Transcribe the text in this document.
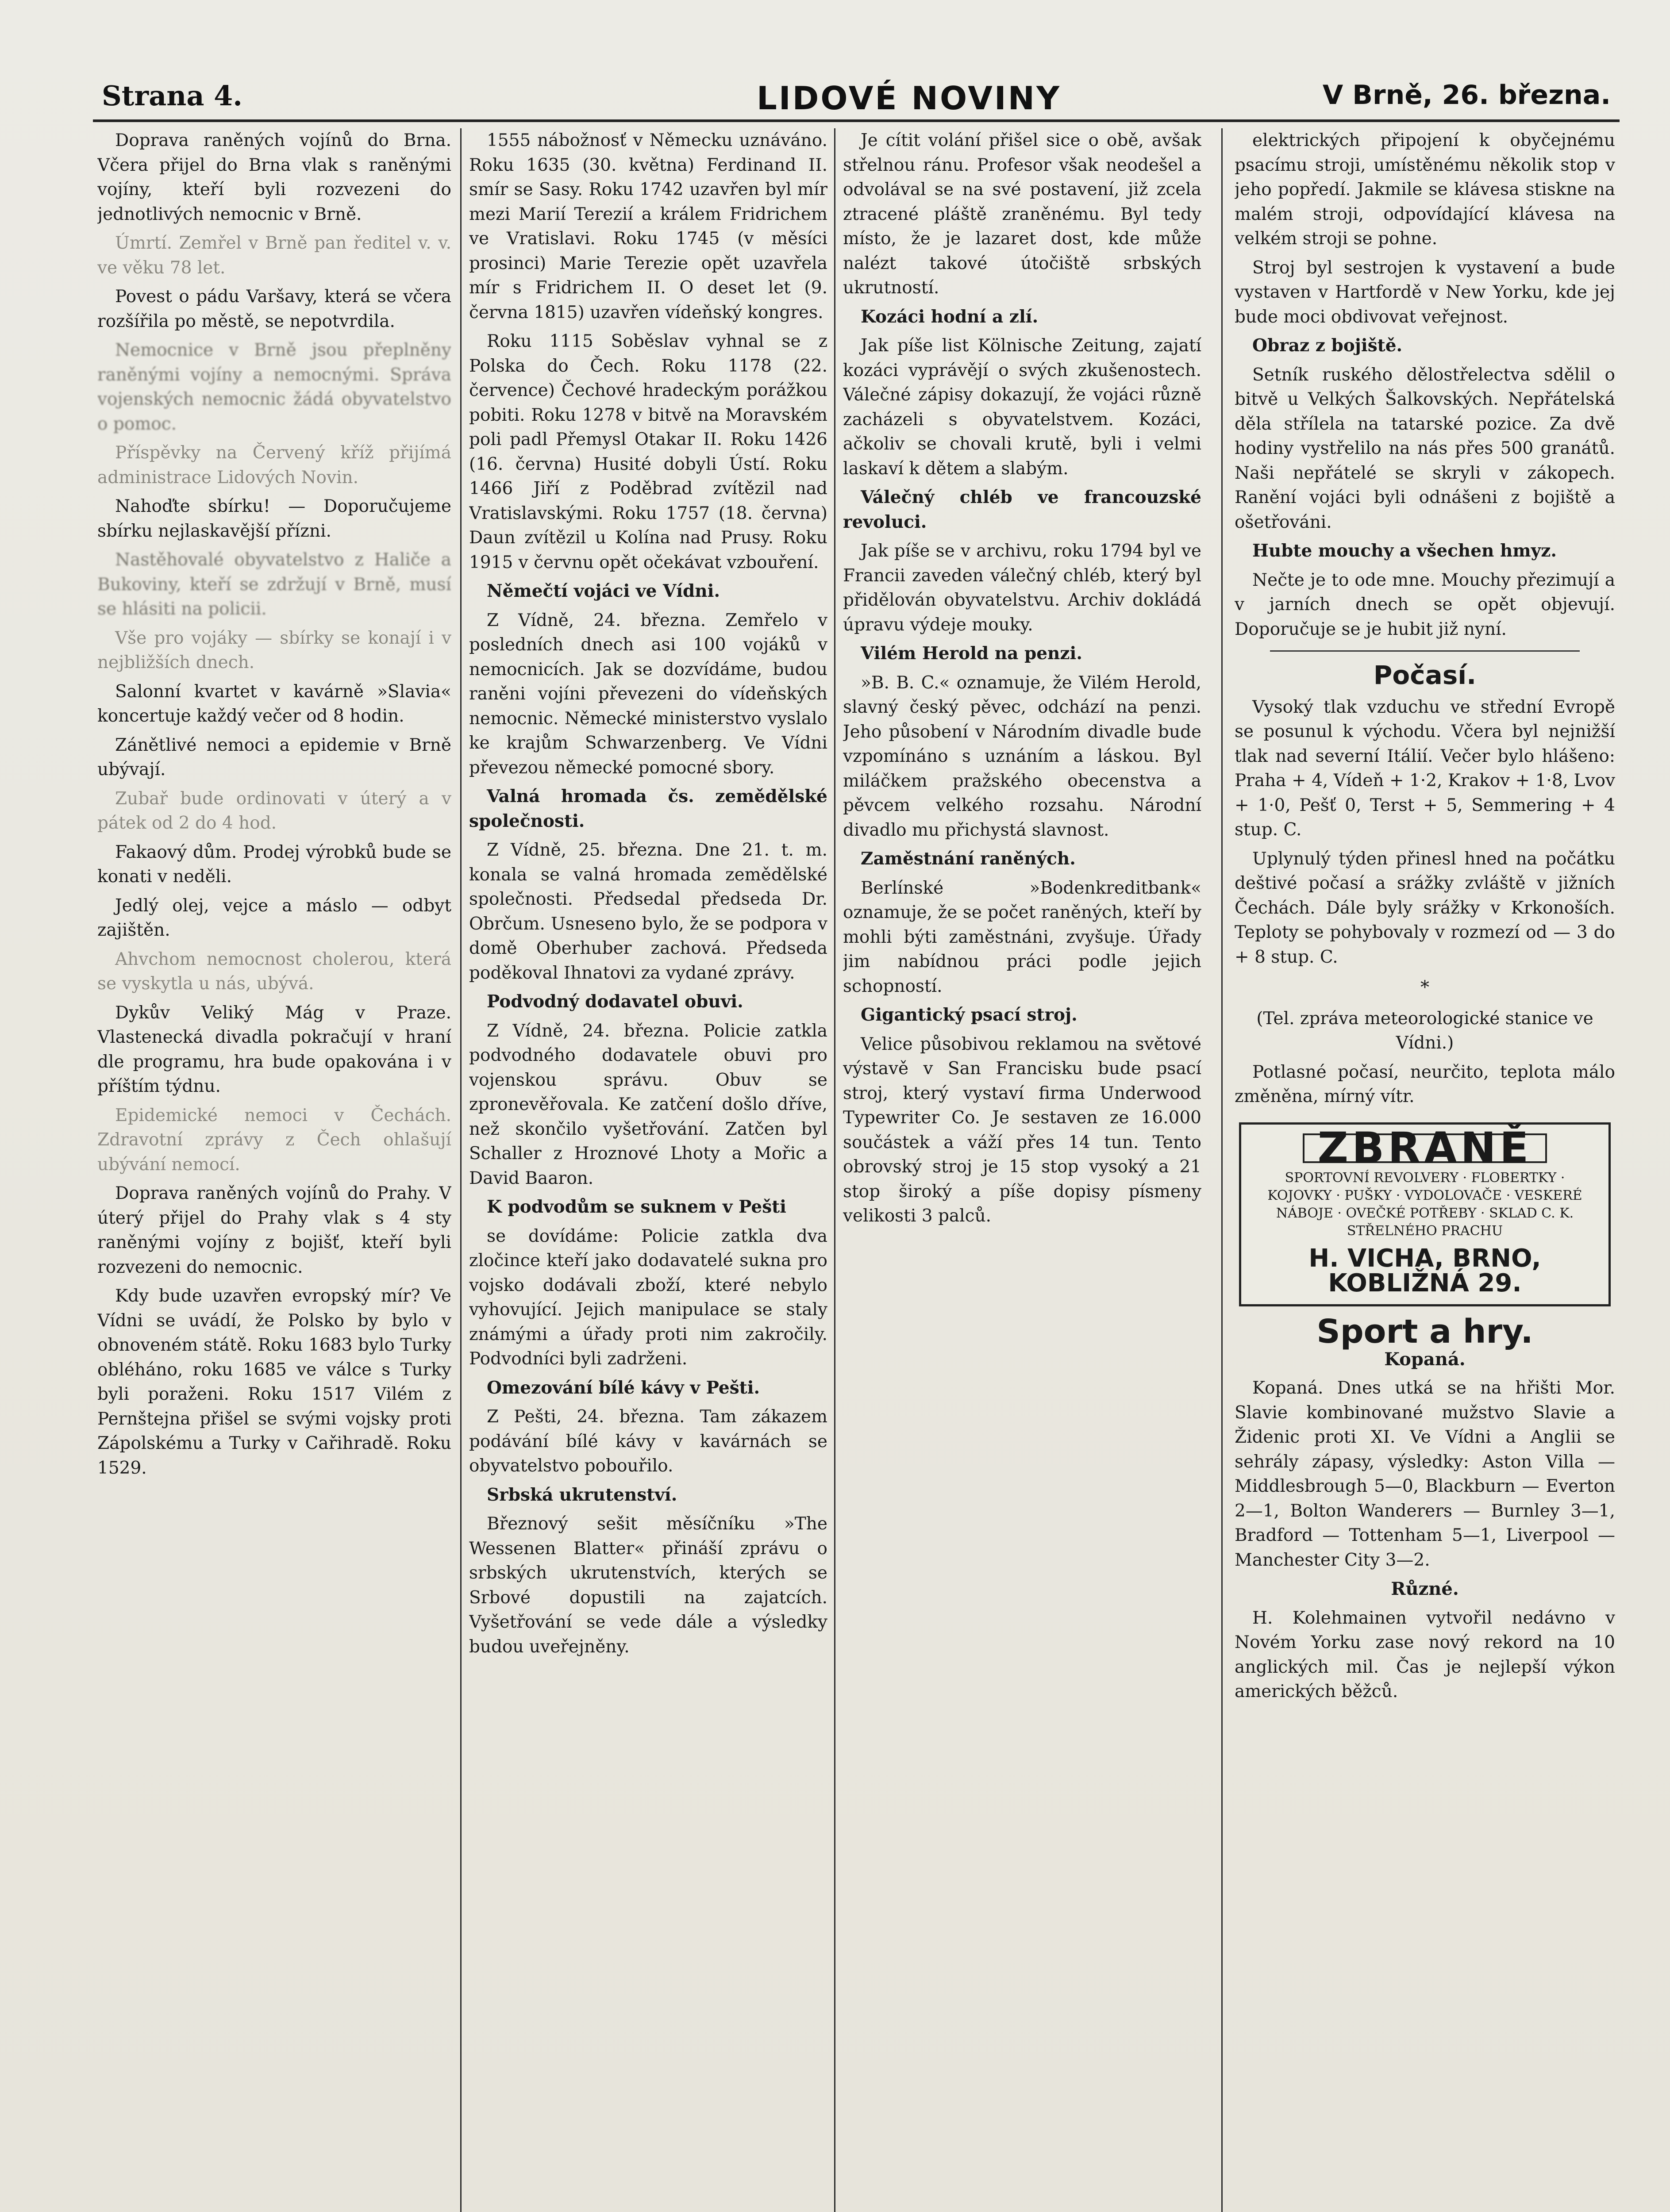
Strana 4.	LIDOVÉ NOVINY	V Brně, 26. března.

Doprava raněných vojínů do Brna. Včera přijel do Brna vlak s raněnými vojíny, kteří byli rozvezeni do jednotlivých nemocnic v Brně.

Úmrtí. Zemřel v Brně pan ředitel v. v. ve věku 78 let.

Povest o pádu Varšavy, která se včera rozšířila po městě, se nepotvrdila.

Nemocnice v Brně jsou přeplněny raněnými vojíny a nemocnými. Správa vojenských nemocnic žádá obyvatelstvo o pomoc.

Příspěvky na Červený kříž přijímá administrace Lidových Novin.

Nahoďte sbírku! — Doporučujeme sbírku nejlaskavější přízni.

Nastěhovalé obyvatelstvo z Haliče a Bukoviny, kteří se zdržují v Brně, musí se hlásiti na policii.

Vše pro vojáky — sbírky se konají i v nejbližších dnech.

Salonní kvartet v kavárně »Slavia« koncertuje každý večer od 8 hodin.

Zánětlivé nemoci a epidemie v Brně ubývají.

Zubař bude ordinovati v úterý a v pátek od 2 do 4 hod.

Fakaový dům. Prodej výrobků bude se konati v neděli.

Jedlý olej, vejce a máslo — odbyt zajištěn.

Ahvchom nemocnost cholerou, která se vyskytla u nás, ubývá.

Dykův Veliký Mág v Praze. Vlastenecká divadla pokračují v hraní dle programu, hra bude opakována i v příštím týdnu.

Epidemické nemoci v Čechách. Zdravotní zprávy z Čech ohlašují ubývání nemocí.

Doprava raněných vojínů do Prahy. V úterý přijel do Prahy vlak s 4 sty raněnými vojíny z bojišť, kteří byli rozvezeni do nemocnic.

Kdy bude uzavřen evropský mír? Ve Vídni se uvádí, že Polsko by bylo v obnoveném státě. Roku 1683 bylo Turky obléháno, roku 1685 ve válce s Turky byli poraženi. Roku 1517 Vilém z Pernštejna přišel se svými vojsky proti Zápolskému a Turky v Cařihradě. Roku 1529.

1555 nábožnosť v Německu uznáváno. Roku 1635 (30. května) Ferdinand II. smír se Sasy. Roku 1742 uzavřen byl mír mezi Marií Terezií a králem Fridrichem ve Vratislavi. Roku 1745 (v měsíci prosinci) Marie Terezie opět uzavřela mír s Fridrichem II. O deset let (9. června 1815) uzavřen vídeňský kongres.

Roku 1115 Soběslav vyhnal se z Polska do Čech. Roku 1178 (22. července) Čechové hradeckým porážkou pobiti. Roku 1278 v bitvě na Moravském poli padl Přemysl Otakar II. Roku 1426 (16. června) Husité dobyli Ústí. Roku 1466 Jiří z Poděbrad zvítězil nad Vratislavskými. Roku 1757 (18. června) Daun zvítězil u Kolína nad Prusy. Roku 1915 v červnu opět očekávat vzbouření.

Němečtí vojáci ve Vídni.

Z Vídně, 24. března. Zemřelo v posledních dnech asi 100 vojáků v nemocnicích. Jak se dozvídáme, budou raněni vojíni převezeni do vídeňských nemocnic. Německé ministerstvo vyslalo ke krajům Schwarzenberg. Ve Vídni převezou německé pomocné sbory.

Valná hromada čs. zemědělské společnosti.

Z Vídně, 25. března. Dne 21. t. m. konala se valná hromada zemědělské společnosti. Předsedal předseda Dr. Obrčum. Usneseno bylo, že se podpora v domě Oberhuber zachová. Předseda poděkoval Ihnatovi za vydané zprávy.

Podvodný dodavatel obuvi.

Z Vídně, 24. března. Policie zatkla podvodného dodavatele obuvi pro vojenskou správu. Obuv se zpronevěřovala. Ke zatčení došlo dříve, než skončilo vyšetřování. Zatčen byl Schaller z Hroznové Lhoty a Mořic a David Baaron.

K podvodům se suknem v Pešti

se dovídáme: Policie zatkla dva zločince kteří jako dodavatelé sukna pro vojsko dodávali zboží, které nebylo vyhovující. Jejich manipulace se staly známými a úřady proti nim zakročily. Podvodníci byli zadrženi.

Omezování bílé kávy v Pešti.

Z Pešti, 24. března. Tam zákazem podávání bílé kávy v kavárnách se obyvatelstvo pobouřilo.

Srbská ukrutenství.

Březnový sešit měsíčníku »The Wessenen Blatter« přináší zprávu o srbských ukrutenstvích, kterých se Srbové dopustili na zajatcích. Vyšetřování se vede dále a výsledky budou uveřejněny.

Je cítit volání přišel sice o obě, avšak střelnou ránu. Profesor však neodešel a odvolával se na své postavení, již zcela ztracené pláště zraněnému. Byl tedy místo, že je lazaret dost, kde může nalézt takové útočiště srbských ukrutností.

Kozáci hodní a zlí.

Jak píše list Kölnische Zeitung, zajatí kozáci vyprávějí o svých zkušenostech. Válečné zápisy dokazují, že vojáci různě zacházeli s obyvatelstvem. Kozáci, ačkoliv se chovali krutě, byli i velmi laskaví k dětem a slabým.

Válečný chléb ve francouzské revoluci.

Jak píše se v archivu, roku 1794 byl ve Francii zaveden válečný chléb, který byl přidělován obyvatelstvu. Archiv dokládá úpravu výdeje mouky.

Vilém Herold na penzi.

»B. B. C.« oznamuje, že Vilém Herold, slavný český pěvec, odchází na penzi. Jeho působení v Národním divadle bude vzpomínáno s uznáním a láskou. Byl miláčkem pražského obecenstva a pěvcem velkého rozsahu. Národní divadlo mu přichystá slavnost.

Zaměstnání raněných.

Berlínské »Bodenkreditbank« oznamuje, že se počet raněných, kteří by mohli býti zaměstnáni, zvyšuje. Úřady jim nabídnou práci podle jejich schopností.

Gigantický psací stroj.

Velice působivou reklamou na světové výstavě v San Francisku bude psací stroj, který vystaví firma Underwood Typewriter Co. Je sestaven ze 16.000 součástek a váží přes 14 tun. Tento obrovský stroj je 15 stop vysoký a 21 stop široký a píše dopisy písmeny velikosti 3 palců.

elektrických připojení k obyčejnému psacímu stroji, umístěnému několik stop v jeho popředí. Jakmile se klávesa stiskne na malém stroji, odpovídající klávesa na velkém stroji se pohne.

Stroj byl sestrojen k vystavení a bude vystaven v Hartfordě v New Yorku, kde jej bude moci obdivovat veřejnost.

Obraz z bojiště.

Setník ruského dělostřelectva sdělil o bitvě u Velkých Šalkovských. Nepřátelská děla střílela na tatarské pozice. Za dvě hodiny vystřelilo na nás přes 500 granátů. Naši nepřátelé se skryli v zákopech. Ranění vojáci byli odnášeni z bojiště a ošetřováni.

Hubte mouchy a všechen hmyz.

Nečte je to ode mne. Mouchy přezimují a v jarních dnech se opět objevují. Doporučuje se je hubit již nyní.

Počasí.

Vysoký tlak vzduchu ve střední Evropě se posunul k východu. Včera byl nejnižší tlak nad severní Itálií. Večer bylo hlášeno: Praha + 4, Vídeň + 1·2, Krakov + 1·8, Lvov + 1·0, Pešť 0, Terst + 5, Semmering + 4 stup. C.

Uplynulý týden přinesl hned na počátku deštivé počasí a srážky zvláště v jižních Čechách. Dále byly srážky v Krkonoších. Teploty se pohybovaly v rozmezí od — 3 do + 8 stup. C.

*

(Tel. zpráva meteorologické stanice ve Vídni.)

Potlasné počasí, neurčito, teplota málo změněna, mírný vítr.

ZBRANĚ
SPORTOVNÍ REVOLVERY · FLOBERTKY · KOJOVKY · PUŠKY · VYDOLOVAČE · VESKERÉ NÁBOJE · OVEČKÉ POTŘEBY · SKLAD C. K. STŘELNÉHO PRACHU
H. VICHA, BRNO, KOBLIŽNÁ 29.
Sport a hry.
Kopaná.

Kopaná. Dnes utká se na hřišti Mor. Slavie kombinované mužstvo Slavie a Židenic proti XI. Ve Vídni a Anglii se sehrály zápasy, výsledky: Aston Villa — Middlesbrough 5—0, Blackburn — Everton 2—1, Bolton Wanderers — Burnley 3—1, Bradford — Tottenham 5—1, Liverpool — Manchester City 3—2.

Různé.

H. Kolehmainen vytvořil nedávno v Novém Yorku zase nový rekord na 10 anglických mil. Čas je nejlepší výkon amerických běžců.
